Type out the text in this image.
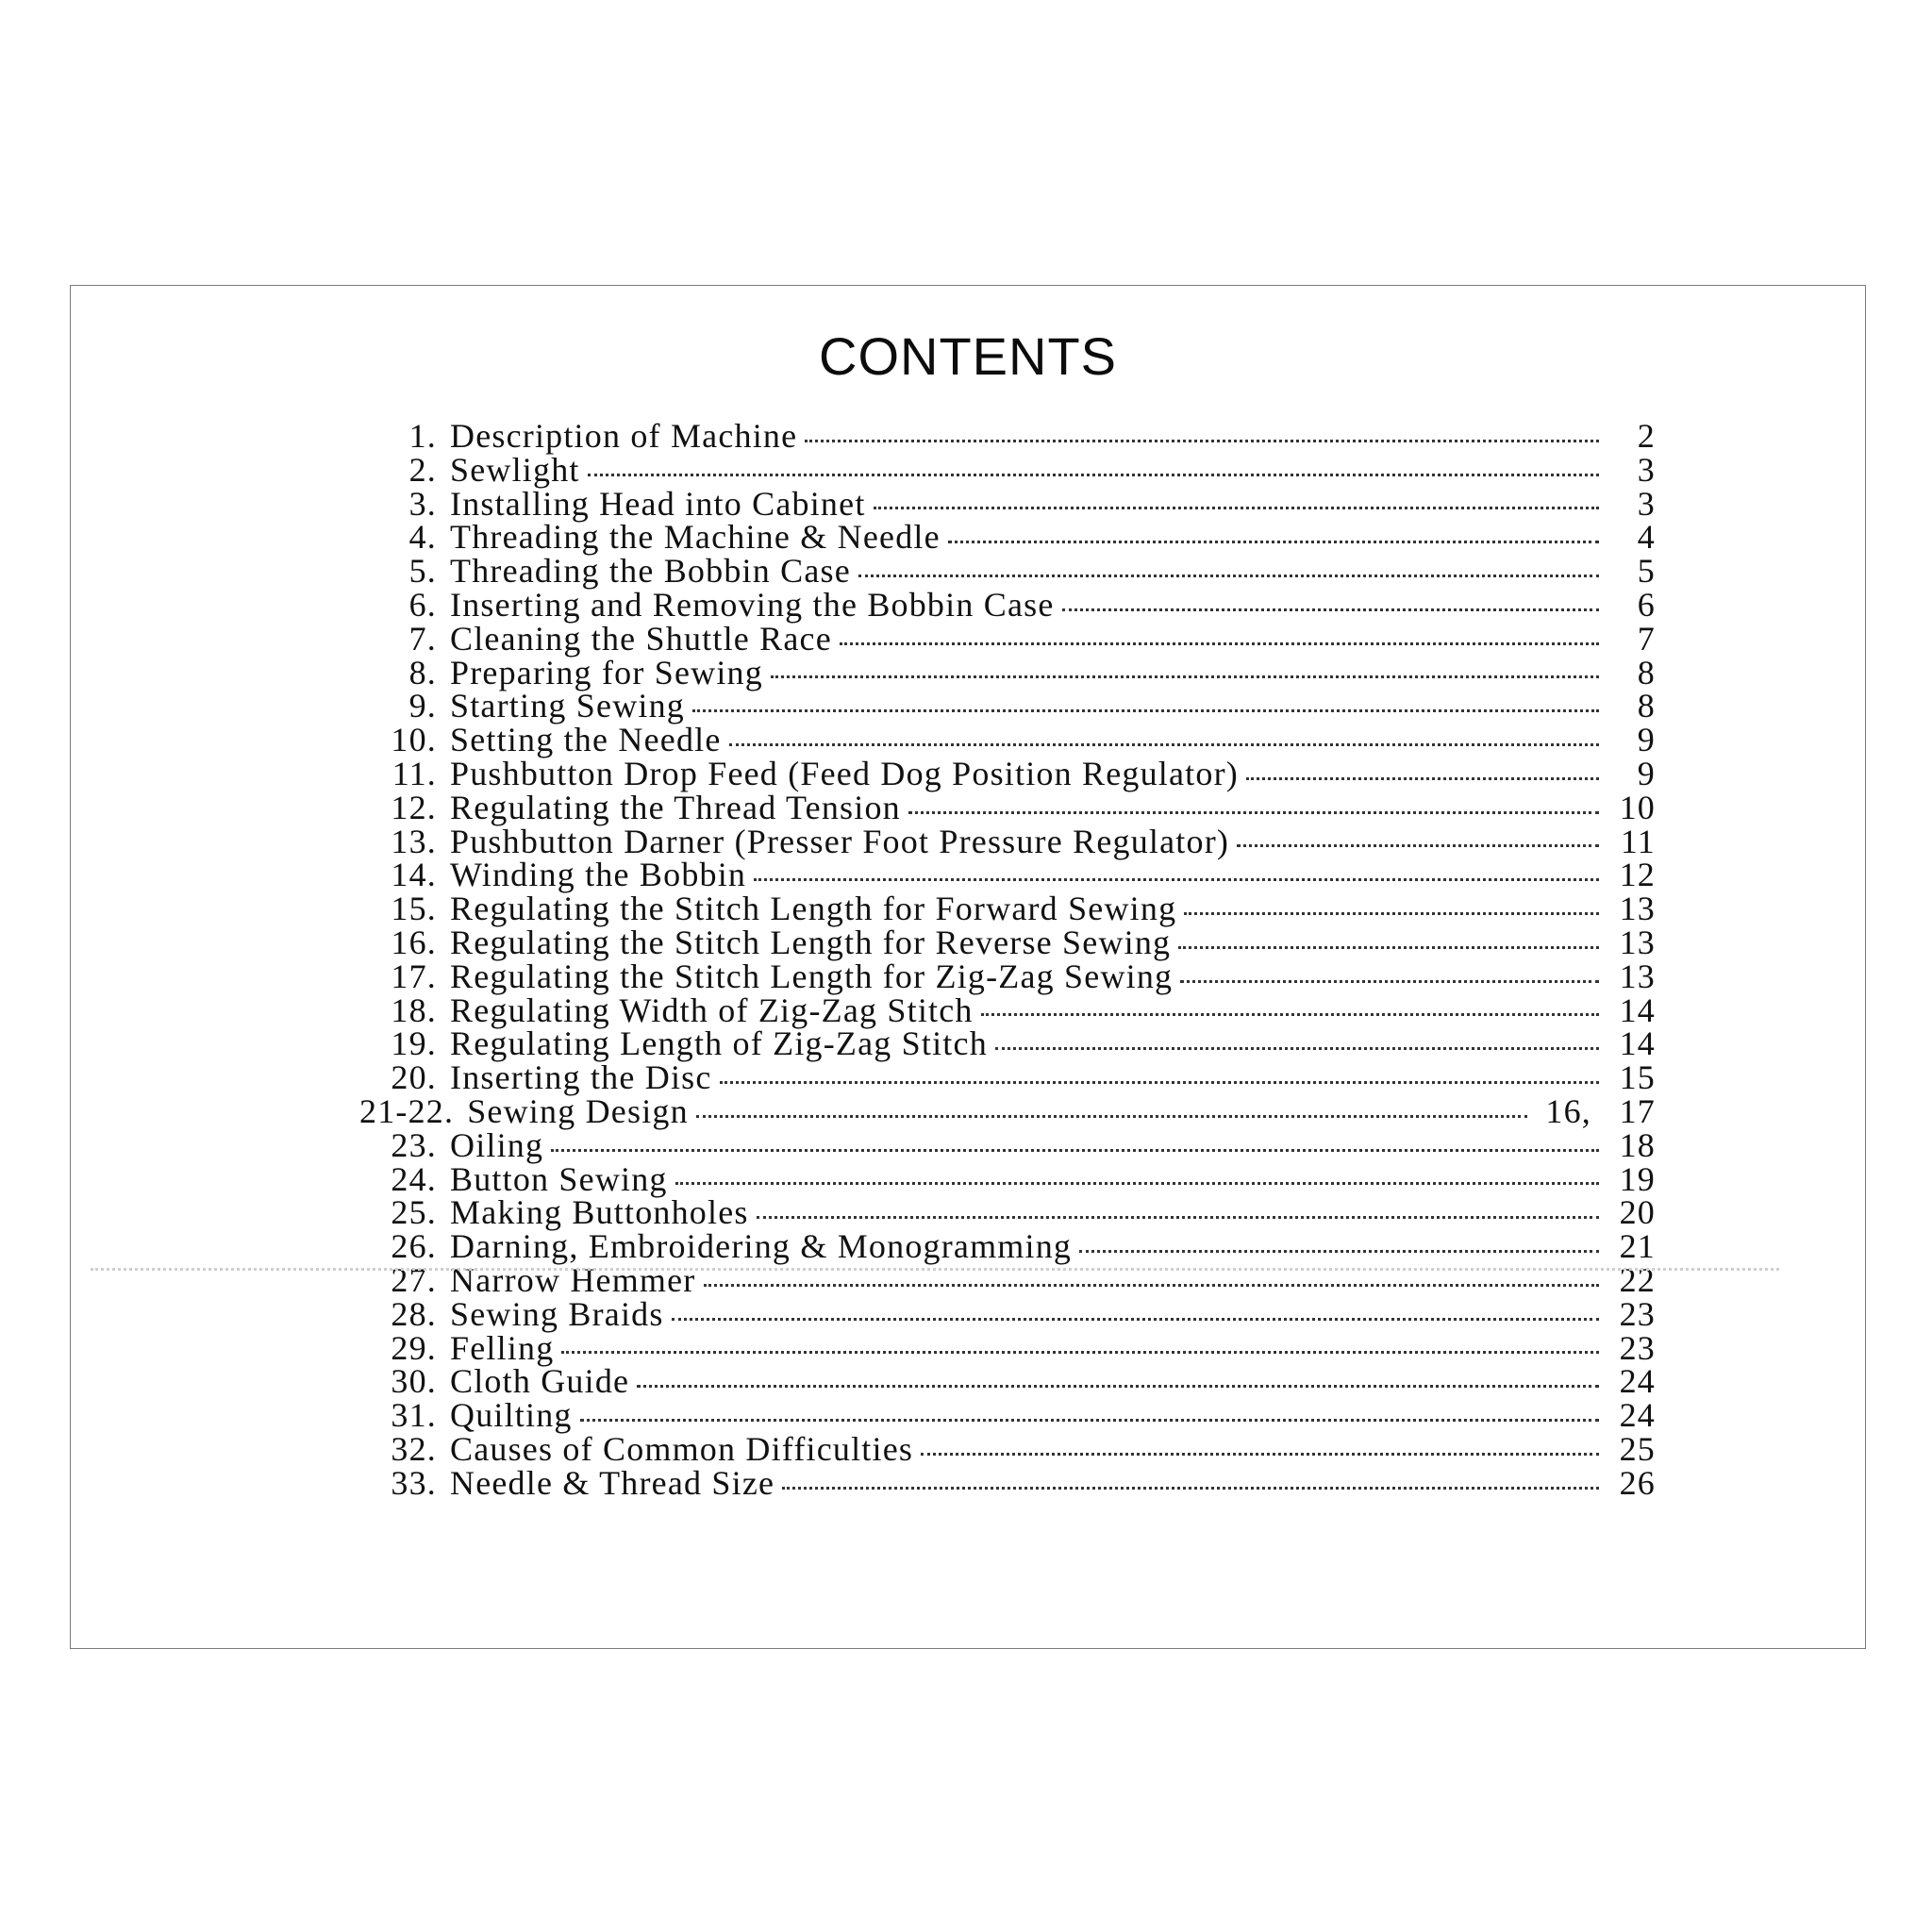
CONTENTS
1. Description of Machine	2
2. Sewlight	3
3. Installing Head into Cabinet	3
4. Threading the Machine & Needle	4
5. Threading the Bobbin Case	5
6. Inserting and Removing the Bobbin Case	6
7. Cleaning the Shuttle Race	7
8. Preparing for Sewing	8
9. Starting Sewing	8
10. Setting the Needle	9
11. Pushbutton Drop Feed (Feed Dog Position Regulator)	9
12. Regulating the Thread Tension	10
13. Pushbutton Darner (Presser Foot Pressure Regulator)	11
14. Winding the Bobbin	12
15. Regulating the Stitch Length for Forward Sewing	13
16. Regulating the Stitch Length for Reverse Sewing	13
17. Regulating the Stitch Length for Zig-Zag Sewing	13
18. Regulating Width of Zig-Zag Stitch	14
19. Regulating Length of Zig-Zag Stitch	14
20. Inserting the Disc	15
21-22. Sewing Design	16, 17
23. Oiling	18
24. Button Sewing	19
25. Making Buttonholes	20
26. Darning, Embroidering & Monogramming	21
27. Narrow Hemmer	22
28. Sewing Braids	23
29. Felling	23
30. Cloth Guide	24
31. Quilting	24
32. Causes of Common Difficulties	25
33. Needle & Thread Size	26
